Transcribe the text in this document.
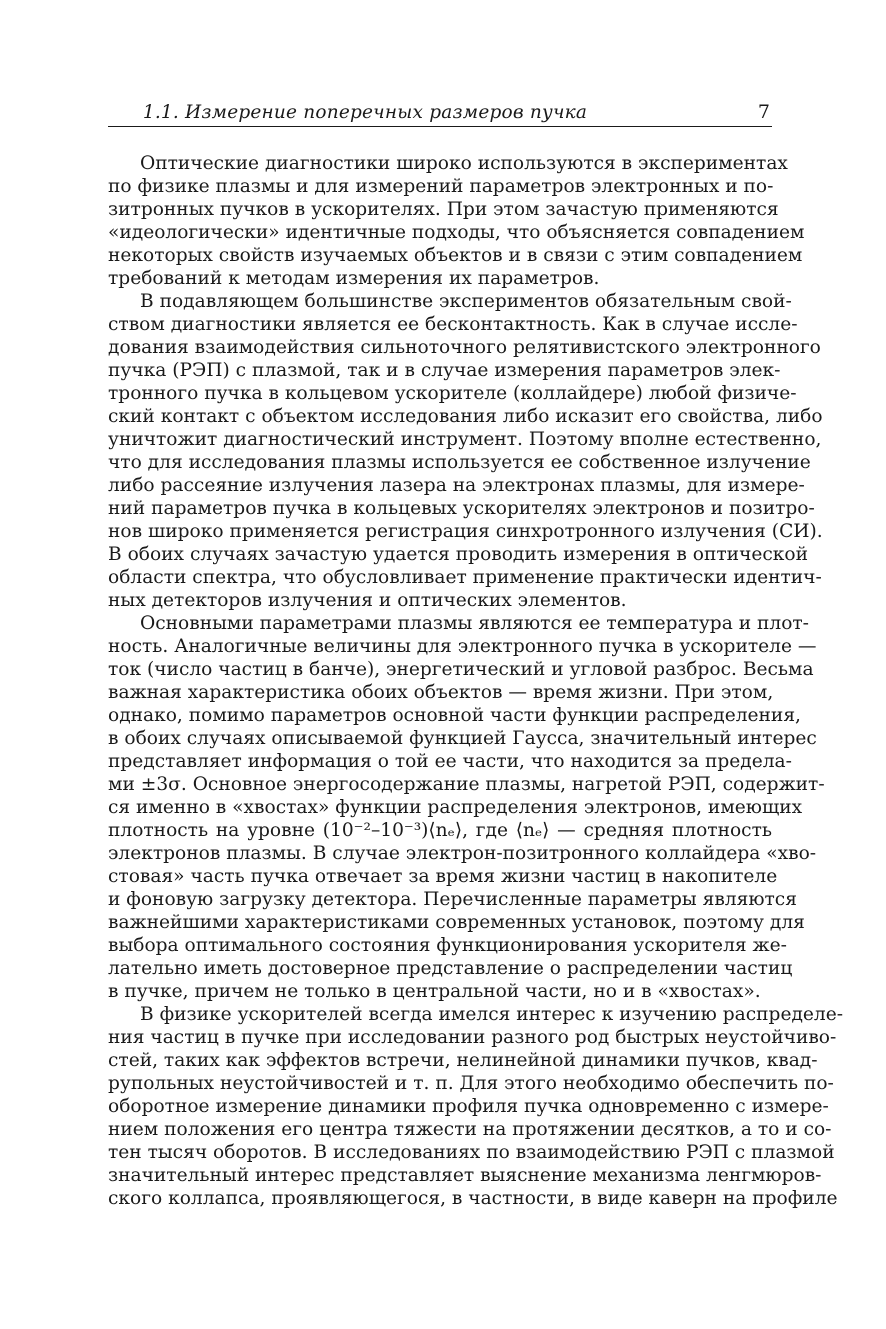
1.1. Измерение поперечных размеров пучка	7
Оптические диагностики широко используются в экспериментах
по физике плазмы и для измерений параметров электронных и по-
зитронных пучков в ускорителях. При этом зачастую применяются
«идеологически» идентичные подходы, что объясняется совпадением
некоторых свойств изучаемых объектов и в связи с этим совпадением
требований к методам измерения их параметров.
В подавляющем большинстве экспериментов обязательным свой-
ством диагностики является ее бесконтактность. Как в случае иссле-
дования взаимодействия сильноточного релятивистского электронного
пучка (РЭП) с плазмой, так и в случае измерения параметров элек-
тронного пучка в кольцевом ускорителе (коллайдере) любой физиче-
ский контакт с объектом исследования либо исказит его свойства, либо
уничтожит диагностический инструмент. Поэтому вполне естественно,
что для исследования плазмы используется ее собственное излучение
либо рассеяние излучения лазера на электронах плазмы, для измере-
ний параметров пучка в кольцевых ускорителях электронов и позитро-
нов широко применяется регистрация синхротронного излучения (СИ).
В обоих случаях зачастую удается проводить измерения в оптической
области спектра, что обусловливает применение практически идентич-
ных детекторов излучения и оптических элементов.
Основными параметрами плазмы являются ее температура и плот-
ность. Аналогичные величины для электронного пучка в ускорителе —
ток (число частиц в банче), энергетический и угловой разброс. Весьма
важная характеристика обоих объектов — время жизни. При этом,
однако, помимо параметров основной части функции распределения,
в обоих случаях описываемой функцией Гаусса, значительный интерес
представляет информация о той ее части, что находится за предела-
ми ±3σ. Основное энергосодержание плазмы, нагретой РЭП, содержит-
ся именно в «хвостах» функции распределения электронов, имеющих
плотность на уровне (10⁻²–10⁻³)⟨nₑ⟩, где ⟨nₑ⟩ — средняя плотность
электронов плазмы. В случае электрон-позитронного коллайдера «хво-
стовая» часть пучка отвечает за время жизни частиц в накопителе
и фоновую загрузку детектора. Перечисленные параметры являются
важнейшими характеристиками современных установок, поэтому для
выбора оптимального состояния функционирования ускорителя же-
лательно иметь достоверное представление о распределении частиц
в пучке, причем не только в центральной части, но и в «хвостах».
В физике ускорителей всегда имелся интерес к изучению распределе-
ния частиц в пучке при исследовании разного род быстрых неустойчиво-
стей, таких как эффектов встречи, нелинейной динамики пучков, квад-
рупольных неустойчивостей и т. п. Для этого необходимо обеспечить по-
оборотное измерение динамики профиля пучка одновременно с измере-
нием положения его центра тяжести на протяжении десятков, а то и со-
тен тысяч оборотов. В исследованиях по взаимодействию РЭП с плазмой
значительный интерес представляет выяснение механизма ленгмюров-
ского коллапса, проявляющегося, в частности, в виде каверн на профиле
